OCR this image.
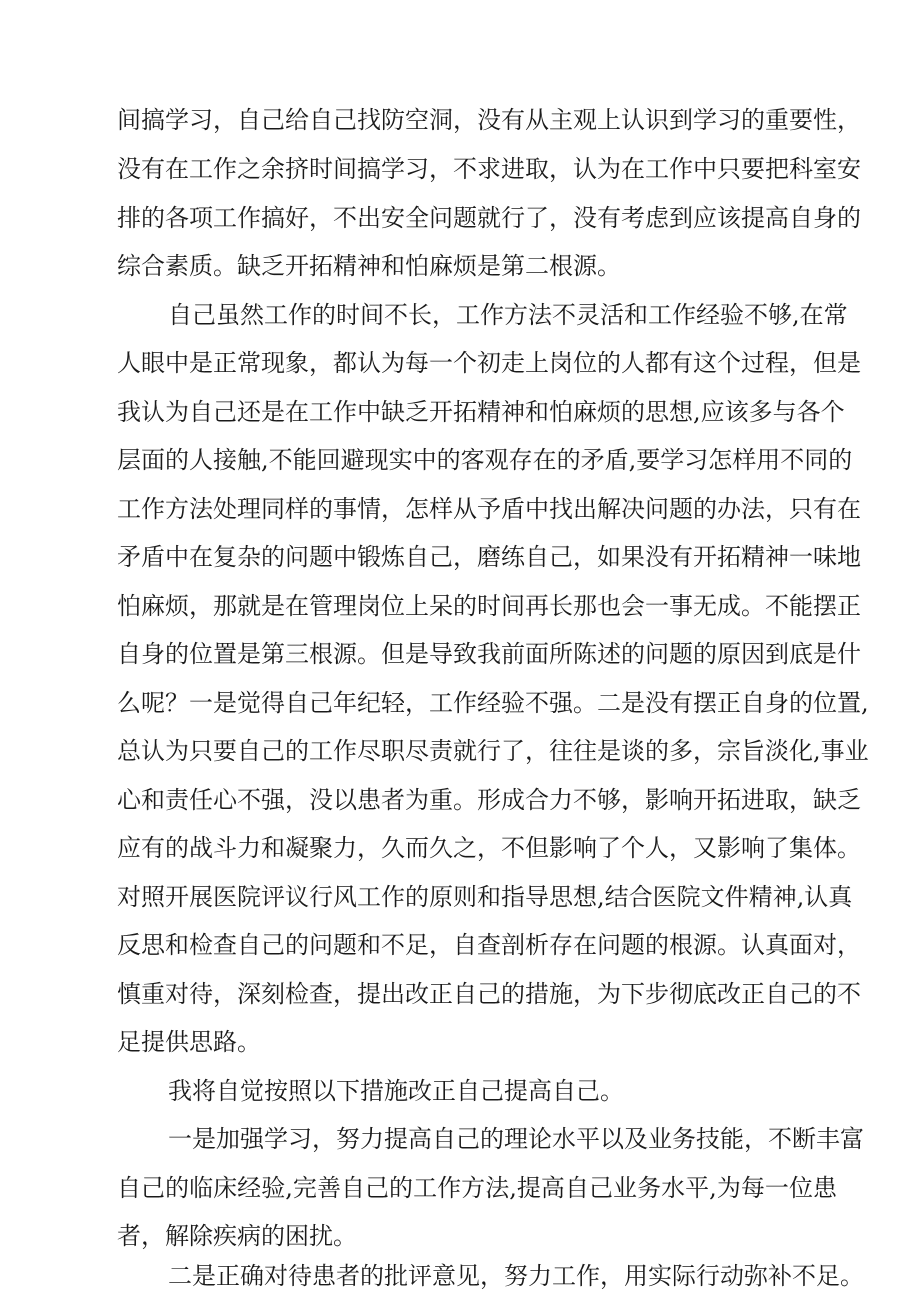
间搞学习，自己给自己找防空洞，没有从主观上认识到学习的重要性，
没有在工作之余挤时间搞学习，不求进取，认为在工作中只要把科室安
排的各项工作搞好，不出安全问题就行了，没有考虑到应该提高自身的
综合素质。缺乏开拓精神和怕麻烦是第二根源。
自己虽然工作的时间不长，工作方法不灵活和工作经验不够,在常
人眼中是正常现象，都认为每一个初走上岗位的人都有这个过程，但是
我认为自己还是在工作中缺乏开拓精神和怕麻烦的思想,应该多与各个
层面的人接触,不能回避现实中的客观存在的矛盾,要学习怎样用不同的
工作方法处理同样的事情，怎样从予盾中找出解决问题的办法，只有在
矛盾中在复杂的问题中锻炼自己，磨练自己，如果没有开拓精神一味地
怕麻烦，那就是在管理岗位上呆的时间再长那也会一事无成。不能摆正
自身的位置是第三根源。但是导致我前面所陈述的问题的原因到底是什
么呢？一是觉得自己年纪轻，工作经验不强。二是没有摆正自身的位置,
总认为只要自己的工作尽职尽责就行了，往往是谈的多，宗旨淡化,事业
心和责任心不强，没以患者为重。形成合力不够，影响开拓进取，缺乏
应有的战斗力和凝聚力，久而久之，不但影响了个人，又影响了集体。
对照开展医院评议行风工作的原则和指导思想,结合医院文件精神,认真
反思和检查自己的问题和不足，自查剖析存在问题的根源。认真面对，
慎重对待，深刻检查，提出改正自己的措施，为下步彻底改正自己的不
足提供思路。
我将自觉按照以下措施改正自己提高自己。
一是加强学习，努力提高自己的理论水平以及业务技能，不断丰富
自己的临床经验,完善自己的工作方法,提高自己业务水平,为每一位患
者，解除疾病的困扰。
二是正确对待患者的批评意见，努力工作，用实际行动弥补不足。
